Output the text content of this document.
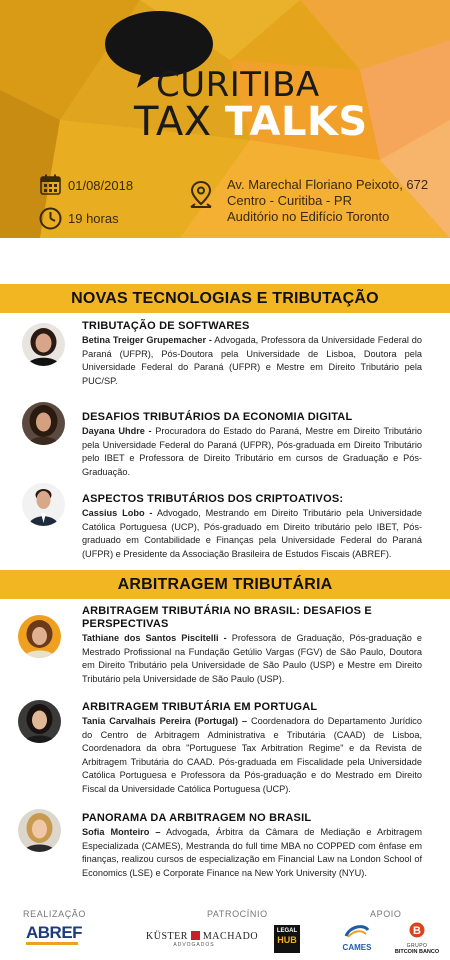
CURITIBA
TAX TALKS
01/08/2018
19 horas
Av. Marechal Floriano Peixoto, 672
Centro - Curitiba - PR
Auditório no Edifício Toronto
NOVAS TECNOLOGIAS E TRIBUTAÇÃO
TRIBUTAÇÃO DE SOFTWARES
Betina Treiger Grupemacher - Advogada, Professora da Universidade Federal do Paraná (UFPR), Pós-Doutora pela Universidade de Lisboa, Doutora pela Universidade Federal do Paraná (UFPR) e Mestre em Direito Tributário pela PUC/SP.
DESAFIOS TRIBUTÁRIOS DA ECONOMIA DIGITAL
Dayana Uhdre - Procuradora do Estado do Paraná, Mestre em Direito Tributário pela Universidade Federal do Paraná (UFPR), Pós-graduada em Direito Tributário pelo IBET e Professora de Direito Tributário em cursos de Graduação e Pós-Graduação.
ASPECTOS TRIBUTÁRIOS DOS CRIPTOATIVOS:
Cassius Lobo - Advogado, Mestrando em Direito Tributário pela Universidade Católica Portuguesa (UCP), Pós-graduado em Direito tributário pelo IBET, Pós-graduado em Contabilidade e Finanças pela Universidade Federal do Paraná (UFPR) e Presidente da Associação Brasileira de Estudos Fiscais (ABREF).
ARBITRAGEM TRIBUTÁRIA
ARBITRAGEM TRIBUTÁRIA NO BRASIL: DESAFIOS E PERSPECTIVAS
Tathiane dos Santos Piscitelli - Professora de Graduação, Pós-graduação e Mestrado Profissional na Fundação Getúlio Vargas (FGV) de São Paulo, Doutora em Direito Tributário pela Universidade de São Paulo (USP) e Mestre em Direito Tributário pela Universidade de São Paulo (USP).
ARBITRAGEM TRIBUTÁRIA EM PORTUGAL
Tania Carvalhais Pereira (Portugal) – Coordenadora do Departamento Jurídico do Centro de Arbitragem Administrativa e Tributária (CAAD) de Lisboa, Coordenadora da obra "Portuguese Tax Arbitration Regime" e da Revista de Arbitragem Tributária do CAAD. Pós-graduada em Fiscalidade pela Universidade Católica Portuguesa e Professora da Pós-graduação e do Mestrado em Direito Fiscal da Universidade Católica Portuguesa (UCP).
PANORAMA DA ARBITRAGEM NO BRASIL
Sofia Monteiro – Advogada, Árbitra da Câmara de Mediação e Arbitragem Especializada (CAMES), Mestranda do full time MBA no COPPED com ênfase em finanças, realizou cursos de especialização em Financial Law na London School of Economics (LSE) e Corporate Finance na New York University (NYU).
REALIZAÇÃO	PATROCÍNIO	APOIO
ABREF	KÜSTER MACHADO
ADVOGADOS
LEGAL
HUB
CAMES
B
GRUPO
BITCOIN BANCO
